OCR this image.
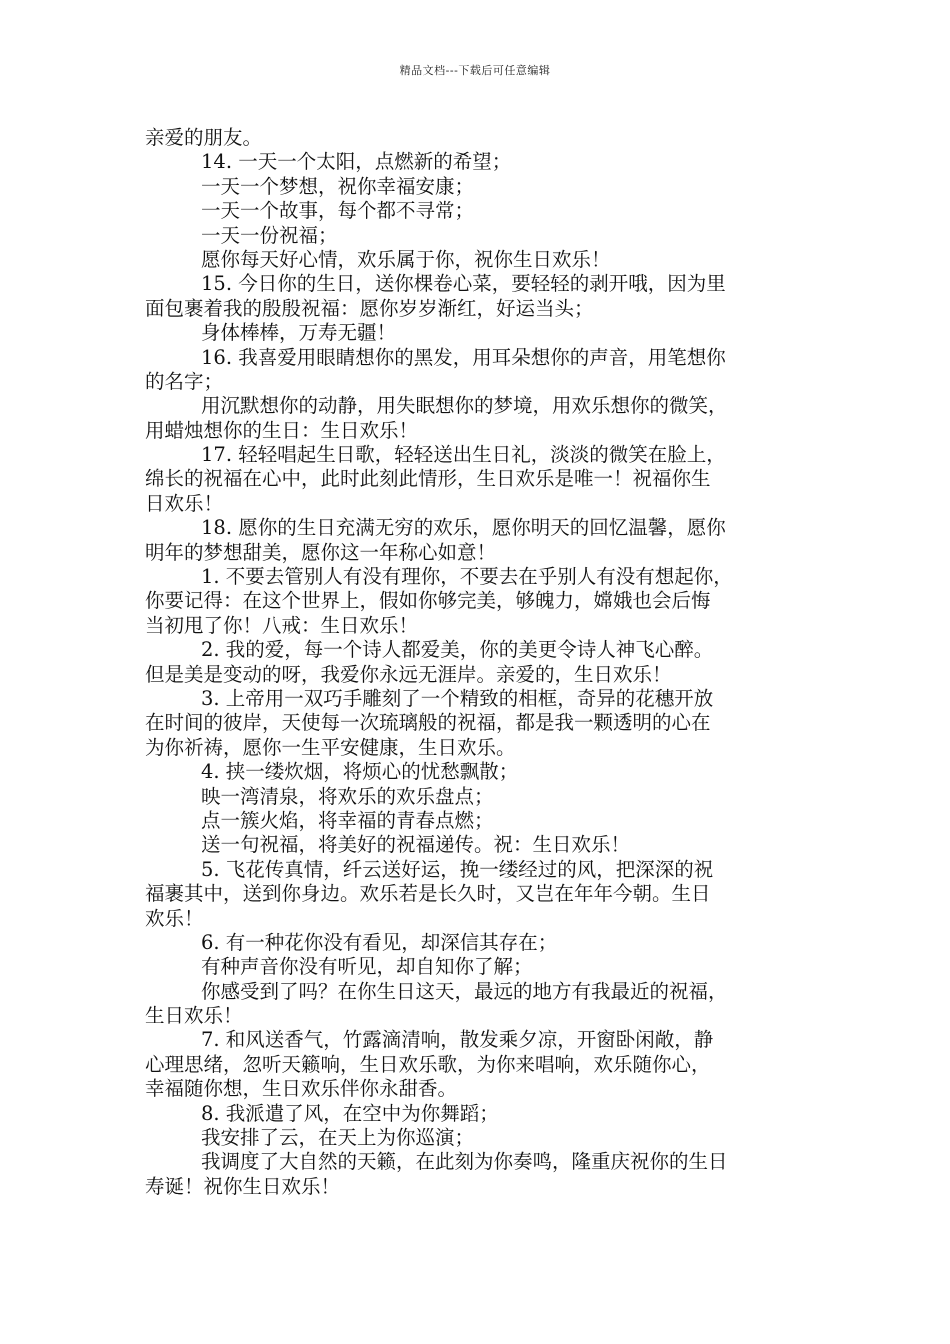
精品文档---下载后可任意编辑
亲爱的朋友。
14. 一天一个太阳，点燃新的希望；
一天一个梦想，祝你幸福安康；
一天一个故事，每个都不寻常；
一天一份祝福；
愿你每天好心情，欢乐属于你，祝你生日欢乐！
15. 今日你的生日，送你棵卷心菜，要轻轻的剥开哦，因为里
面包裹着我的殷殷祝福：愿你岁岁渐红，好运当头；
身体棒棒，万寿无疆！
16. 我喜爱用眼睛想你的黑发，用耳朵想你的声音，用笔想你
的名字；
用沉默想你的动静，用失眠想你的梦境，用欢乐想你的微笑，
用蜡烛想你的生日：生日欢乐！
17. 轻轻唱起生日歌，轻轻送出生日礼，淡淡的微笑在脸上，
绵长的祝福在心中，此时此刻此情形，生日欢乐是唯一！祝福你生
日欢乐！
18. 愿你的生日充满无穷的欢乐，愿你明天的回忆温馨，愿你
明年的梦想甜美，愿你这一年称心如意！
1. 不要去管别人有没有理你，不要去在乎别人有没有想起你，
你要记得：在这个世界上，假如你够完美，够魄力，嫦娥也会后悔
当初甩了你！八戒：生日欢乐！
2. 我的爱，每一个诗人都爱美，你的美更令诗人神飞心醉。
但是美是变动的呀，我爱你永远无涯岸。亲爱的，生日欢乐！
3. 上帝用一双巧手雕刻了一个精致的相框，奇异的花穗开放
在时间的彼岸，天使每一次琉璃般的祝福，都是我一颗透明的心在
为你祈祷，愿你一生平安健康，生日欢乐。
4. 挟一缕炊烟，将烦心的忧愁飘散；
映一湾清泉，将欢乐的欢乐盘点；
点一簇火焰，将幸福的青春点燃；
送一句祝福，将美好的祝福递传。祝：生日欢乐！
5. 飞花传真情，纤云送好运，挽一缕经过的风，把深深的祝
福裹其中，送到你身边。欢乐若是长久时，又岂在年年今朝。生日
欢乐！
6. 有一种花你没有看见，却深信其存在；
有种声音你没有听见，却自知你了解；
你感受到了吗？在你生日这天，最远的地方有我最近的祝福，
生日欢乐！
7. 和风送香气，竹露滴清响，散发乘夕凉，开窗卧闲敞，静
心理思绪，忽听天籁响，生日欢乐歌，为你来唱响，欢乐随你心，
幸福随你想，生日欢乐伴你永甜香。
8. 我派遣了风，在空中为你舞蹈；
我安排了云，在天上为你巡演；
我调度了大自然的天籁，在此刻为你奏鸣，隆重庆祝你的生日
寿诞！祝你生日欢乐！
